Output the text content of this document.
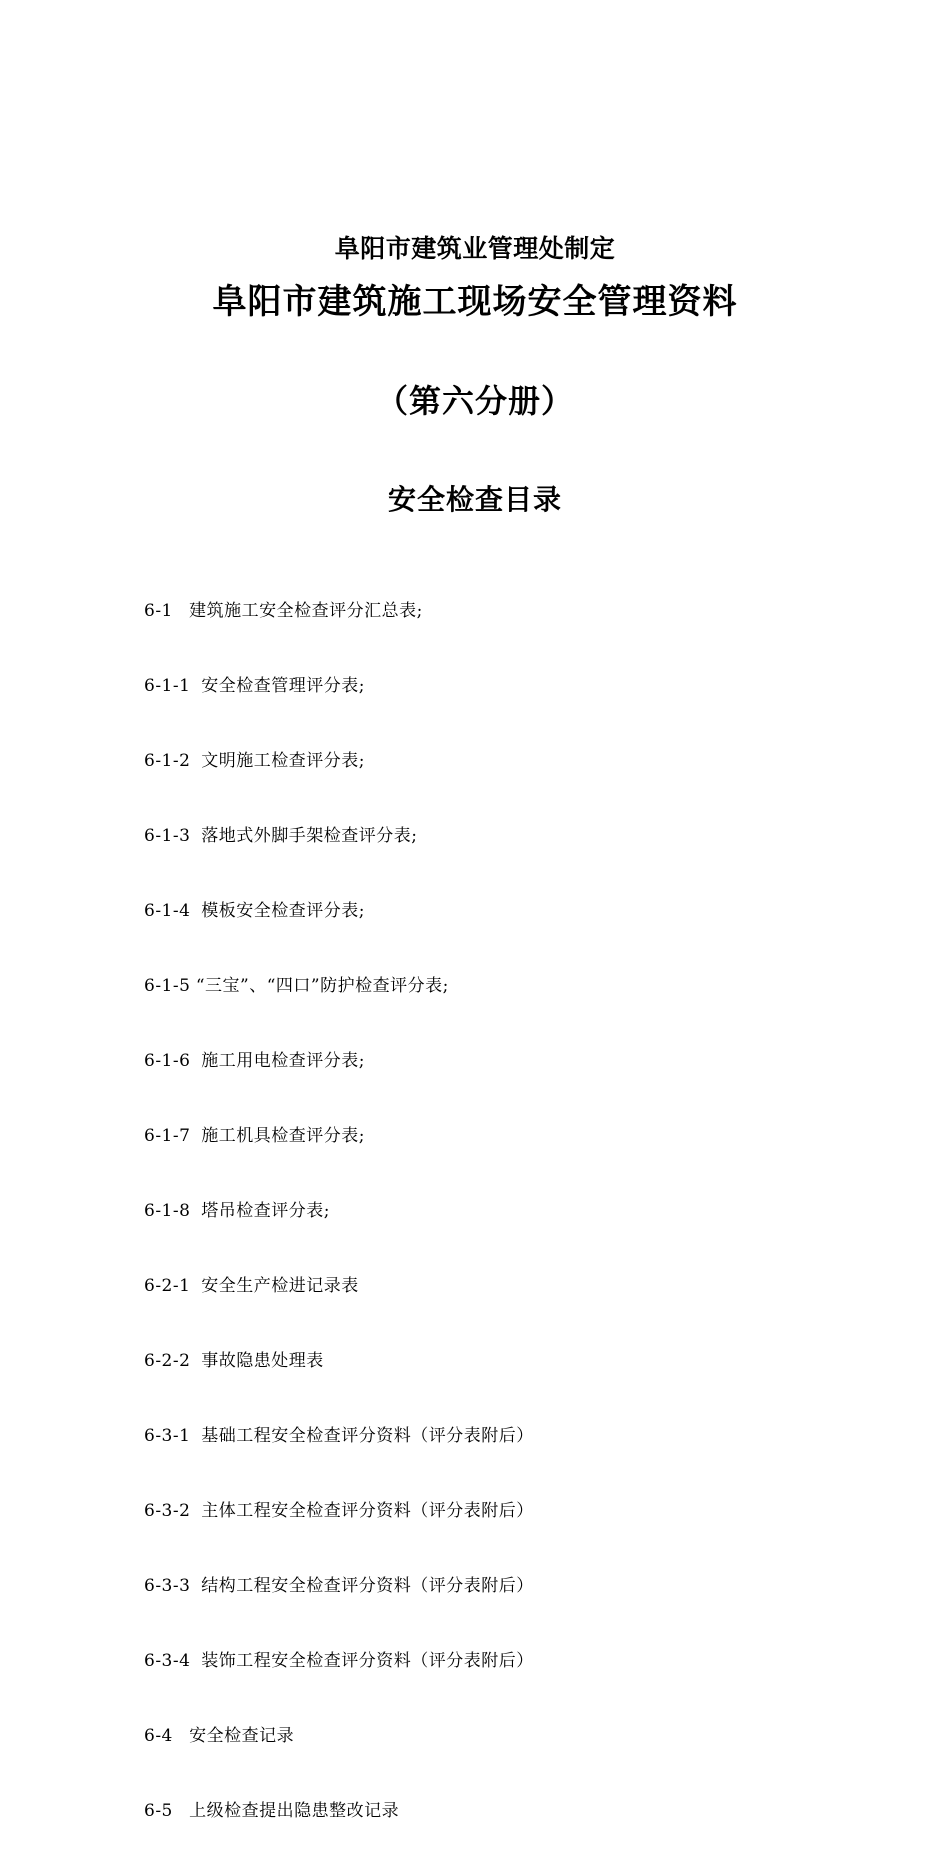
阜阳市建筑业管理处制定
阜阳市建筑施工现场安全管理资料
（第六分册）
安全检查目录

6-1 建筑施工安全检查评分汇总表;

6-1-1 安全检查管理评分表;

6-1-2 文明施工检查评分表;

6-1-3 落地式外脚手架检查评分表;

6-1-4 模板安全检查评分表;

6-1-5 “三宝”、“四口”防护检查评分表;

6-1-6 施工用电检查评分表;

6-1-7 施工机具检查评分表;

6-1-8 塔吊检查评分表;

6-2-1 安全生产检进记录表

6-2-2 事故隐患处理表

6-3-1 基础工程安全检查评分资料（评分表附后）

6-3-2 主体工程安全检查评分资料（评分表附后）

6-3-3 结构工程安全检查评分资料（评分表附后）

6-3-4 装饰工程安全检查评分资料（评分表附后）

6-4 安全检查记录

6-5 上级检查提出隐患整改记录
